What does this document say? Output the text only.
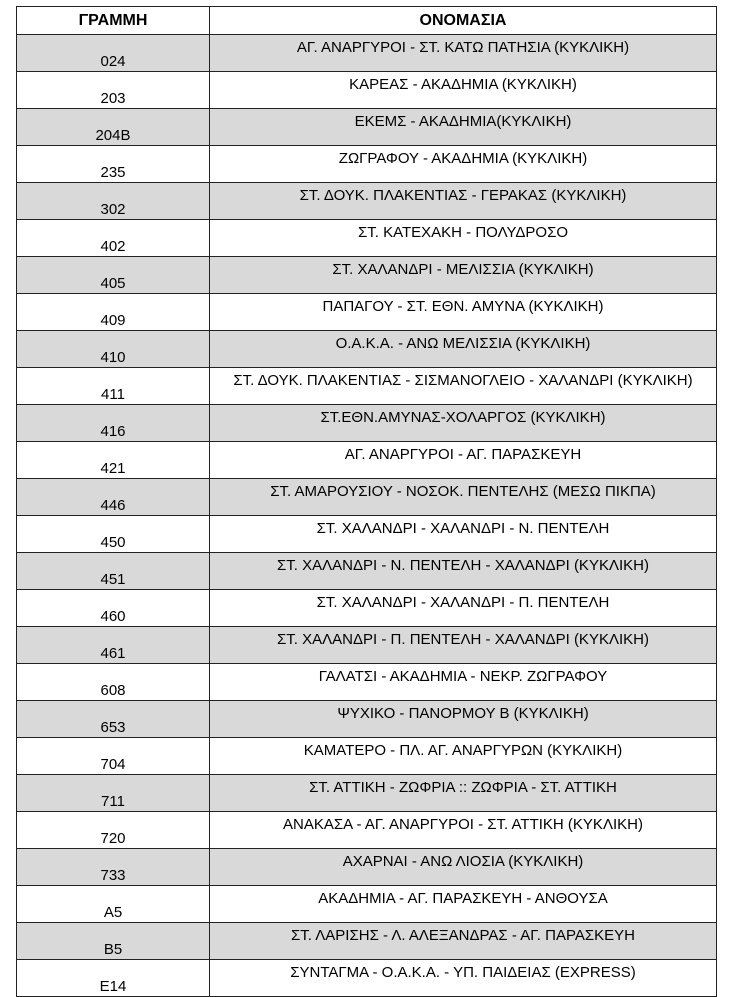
ΓΡΑΜΜΗ	ΟΝΟΜΑΣΙΑ
024	ΑΓ. ΑΝΑΡΓΥΡΟΙ - ΣΤ. ΚΑΤΩ ΠΑΤΗΣΙΑ (ΚΥΚΛΙΚΗ)
203	ΚΑΡΕΑΣ - ΑΚΑΔΗΜΙΑ (ΚΥΚΛΙΚΗ)
204Β	ΕΚΕΜΣ - ΑΚΑΔΗΜΙΑ(ΚΥΚΛΙΚΗ)
235	ΖΩΓΡΑΦΟΥ - ΑΚΑΔΗΜΙΑ (ΚΥΚΛΙΚΗ)
302	ΣΤ. ΔΟΥΚ. ΠΛΑΚΕΝΤΙΑΣ - ΓΕΡΑΚΑΣ (ΚΥΚΛΙΚΗ)
402	ΣΤ. ΚΑΤΕΧΑΚΗ - ΠΟΛΥΔΡΟΣΟ
405	ΣΤ. ΧΑΛΑΝΔΡΙ - ΜΕΛΙΣΣΙΑ (ΚΥΚΛΙΚΗ)
409	ΠΑΠΑΓΟΥ - ΣΤ. ΕΘΝ. ΑΜΥΝΑ (ΚΥΚΛΙΚΗ)
410	Ο.Α.Κ.Α. - ΑΝΩ ΜΕΛΙΣΣΙΑ (ΚΥΚΛΙΚΗ)
411	ΣΤ. ΔΟΥΚ. ΠΛΑΚΕΝΤΙΑΣ - ΣΙΣΜΑΝΟΓΛΕΙΟ - ΧΑΛΑΝΔΡΙ (ΚΥΚΛΙΚΗ)
416	ΣΤ.ΕΘΝ.ΑΜΥΝΑΣ-ΧΟΛΑΡΓΟΣ (ΚΥΚΛΙΚΗ)
421	ΑΓ. ΑΝΑΡΓΥΡΟΙ - ΑΓ. ΠΑΡΑΣΚΕΥΗ
446	ΣΤ. ΑΜΑΡΟΥΣΙΟΥ - ΝΟΣΟΚ. ΠΕΝΤΕΛΗΣ (ΜΕΣΩ ΠΙΚΠΑ)
450	ΣΤ. ΧΑΛΑΝΔΡΙ - ΧΑΛΑΝΔΡΙ - Ν. ΠΕΝΤΕΛΗ
451	ΣΤ. ΧΑΛΑΝΔΡΙ - Ν. ΠΕΝΤΕΛΗ - ΧΑΛΑΝΔΡΙ (ΚΥΚΛΙΚΗ)
460	ΣΤ. ΧΑΛΑΝΔΡΙ - ΧΑΛΑΝΔΡΙ - Π. ΠΕΝΤΕΛΗ
461	ΣΤ. ΧΑΛΑΝΔΡΙ - Π. ΠΕΝΤΕΛΗ - ΧΑΛΑΝΔΡΙ (ΚΥΚΛΙΚΗ)
608	ΓΑΛΑΤΣΙ - ΑΚΑΔΗΜΙΑ - ΝΕΚΡ. ΖΩΓΡΑΦΟΥ
653	ΨΥΧΙΚΟ - ΠΑΝΟΡΜΟΥ Β (ΚΥΚΛΙΚΗ)
704	ΚΑΜΑΤΕΡΟ - ΠΛ. ΑΓ. ΑΝΑΡΓΥΡΩΝ (ΚΥΚΛΙΚΗ)
711	ΣΤ. ΑΤΤΙΚΗ - ΖΩΦΡΙΑ :: ΖΩΦΡΙΑ - ΣΤ. ΑΤΤΙΚΗ
720	ΑΝΑΚΑΣΑ - ΑΓ. ΑΝΑΡΓΥΡΟΙ - ΣΤ. ΑΤΤΙΚΗ (ΚΥΚΛΙΚΗ)
733	ΑΧΑΡΝΑΙ - ΑΝΩ ΛΙΟΣΙΑ (ΚΥΚΛΙΚΗ)
Α5	ΑΚΑΔΗΜΙΑ - ΑΓ. ΠΑΡΑΣΚΕΥΗ - ΑΝΘΟΥΣΑ
Β5	ΣΤ. ΛΑΡΙΣΗΣ - Λ. ΑΛΕΞΑΝΔΡΑΣ - ΑΓ. ΠΑΡΑΣΚΕΥΗ
Ε14	ΣΥΝΤΑΓΜΑ - Ο.Α.Κ.Α. - ΥΠ. ΠΑΙΔΕΙΑΣ (EXPRESS)
